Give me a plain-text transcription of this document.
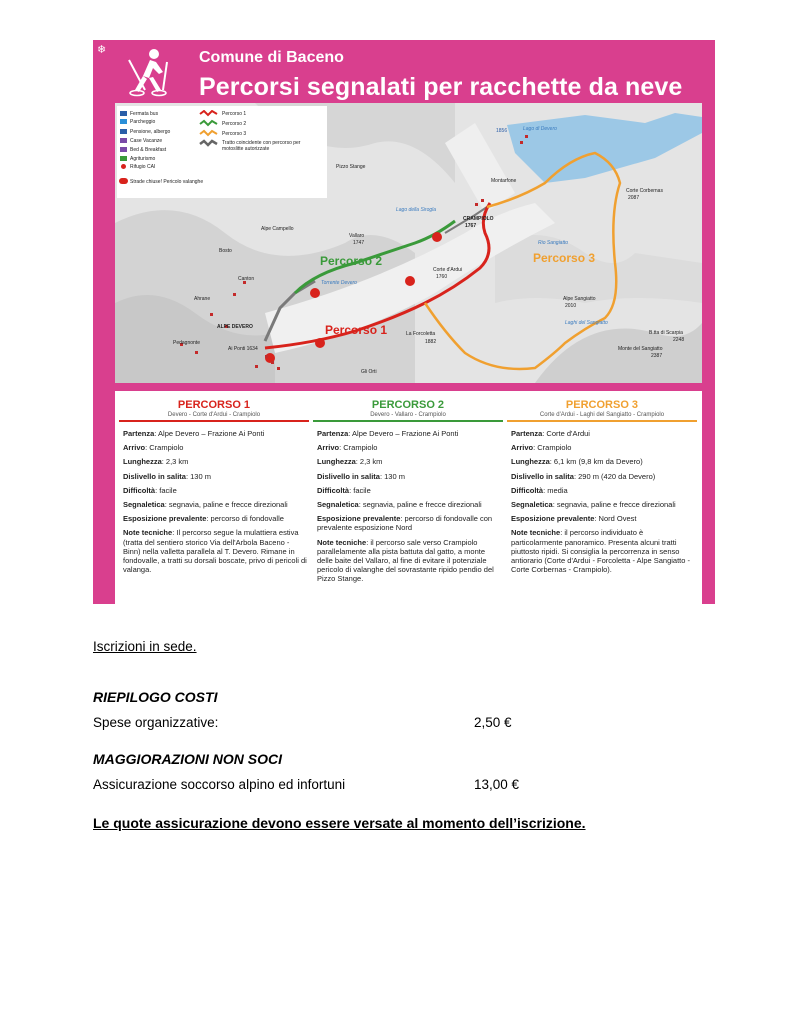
❄	Comune di Baceno
Percorsi segnalati per racchette da neve
Fermata bus
Parcheggio
Pensione, albergo
Case Vacanze
Bed & Breakfast
Agriturismo
Rifugio CAI
Strade chiuse! Pericolo valanghe
Percorso 1
Percorso 2
Percorso 3
Tratto coincidente con percorso per motoslitte autorizzate
Lago di Devero
1856
Pizzo Stange
Montarfone
Corte Corbernas
2087
Lago della Sirogla
CRAMPIOLO
1767
Alpe Campello
Vallaro
1747	Rio Sangiatto
Bosto
Corte d'Ardui
1760
Canton
Torrente Devero
Alpe Sangiatto
2010
Ahrane
ALPE DEVERO
La Forcoletta
1882
Laghi del Sangiatto
B.tta di Scarpia
2248
Pedagnonte
Ai Ponti 1634	Monte del Sangiatto
2387
Gli Orti
Percorso 1
Percorso 2	Percorso 3
PERCORSO 1
Devero - Corte d'Ardui - Crampiolo

Partenza: Alpe Devero – Frazione Ai Ponti

Arrivo: Crampiolo

Lunghezza: 2,3 km

Dislivello in salita: 130 m

Difficoltà: facile

Segnaletica: segnavia, paline e frecce direzionali

Esposizione prevalente: percorso di fondovalle

Note tecniche: Il percorso segue la mulattiera estiva (tratta del sentiero storico Via dell'Arbola Baceno - Binn) nella valletta parallela al T. Devero. Rimane in fondovalle, a tratti su dorsali boscate, privo di pericoli di valanga.

PERCORSO 2
Devero - Vallaro - Crampiolo

Partenza: Alpe Devero – Frazione Ai Ponti

Arrivo: Crampiolo

Lunghezza: 2,3 km

Dislivello in salita: 130 m

Difficoltà: facile

Segnaletica: segnavia, paline e frecce direzionali

Esposizione prevalente: percorso di fondovalle con prevalente esposizione Nord

Note tecniche: il percorso sale verso Crampiolo parallelamente alla pista battuta dal gatto, a monte delle baite del Vallaro, al fine di evitare il potenziale pericolo di valanghe del sovrastante ripido pendio del Pizzo Stange.

PERCORSO 3
Corte d'Ardui - Laghi del Sangiatto - Crampiolo

Partenza: Corte d'Ardui

Arrivo: Crampiolo

Lunghezza: 6,1 km (9,8 km da Devero)

Dislivello in salita: 290 m (420 da Devero)

Difficoltà: media

Segnaletica: segnavia, paline e frecce direzionali

Esposizione prevalente: Nord Ovest

Note tecniche: il percorso individuato è particolarmente panoramico. Presenta alcuni tratti piuttosto ripidi. Si consiglia la percorrenza in senso antiorario (Corte d'Ardui - Forcoletta - Alpe Sangiatto - Corte Corbernas - Crampiolo).

Iscrizioni in sede.
RIEPILOGO COSTI
Spese organizzative:	2,50 €
MAGGIORAZIONI NON SOCI
Assicurazione soccorso alpino ed infortuni	13,00 €
Le quote assicurazione devono essere versate al momento dell’iscrizione.
